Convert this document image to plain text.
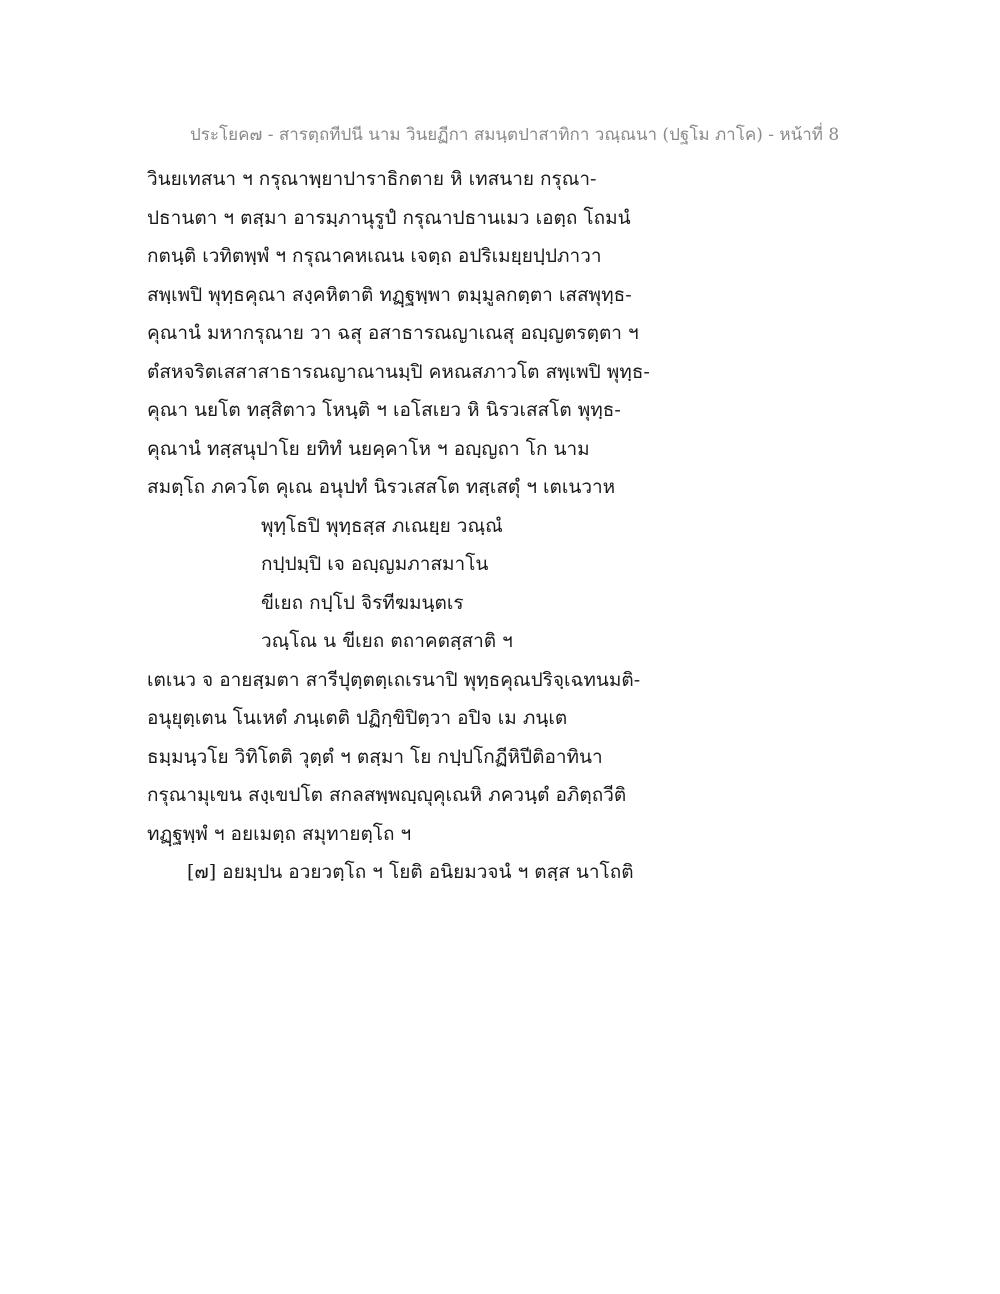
ประโยค๗ - สารตฺถทีปนี นาม วินยฏีกา สมนฺตปาสาทิกา วณฺณนา (ปฐโม ภาโค) - หน้าที่ 8
วินยเทสนา ฯ กรุณาพฺยาปาราธิกตาย หิ เทสนาย กรุณา-
ปธานตา ฯ ตสฺมา อารมฺภานุรูปํ กรุณาปธานเมว เอตฺถ โถมนํ
กตนฺติ เวทิตพฺพํ ฯ กรุณาคหเณน เจตฺถ อปริเมยฺยปฺปภาวา
สพฺเพปิ พุทฺธคุณา สงฺคหิตาติ ทฏฺฐพฺพา ตมฺมูลกตฺตา เสสพุทฺธ-
คุณานํ มหากรุณาย วา ฉสุ อสาธารณญาเณสุ อญฺญตรตฺตา ฯ
ตํสหจริตเสสาสาธารณญาณานมฺปิ คหณสภาวโต สพฺเพปิ พุทฺธ-
คุณา นยโต ทสฺสิตาว โหนฺติ ฯ เอโสเยว หิ นิรวเสสโต พุทฺธ-
คุณานํ ทสฺสนุปาโย ยทิทํ นยคฺคาโห ฯ อญฺญถา โก นาม
สมตฺโถ ภควโต คุเณ อนุปทํ นิรวเสสโต ทสฺเสตุํ ฯ เตเนวาห
พุทฺโธปิ พุทฺธสฺส ภเณยฺย วณฺณํ
กปฺปมฺปิ เจ อญฺญมภาสมาโน
ขีเยถ กปฺโป จิรทีฆมนฺตเร
วณฺโณ น ขีเยถ ตถาคตสฺสาติ ฯ
เตเนว จ อายสฺมตา สารีปุตฺตตฺเถเรนาปิ พุทฺธคุณปริจฺเฉทนมติ-
อนุยุตฺเตน โนเหตํ ภนฺเตติ ปฏิกฺขิปิตฺวา อปิจ เม ภนฺเต
ธมฺมนฺวโย วิทิโตติ วุตฺตํ ฯ ตสฺมา โย กปฺปโกฏีหิปีติอาทินา
กรุณามุเขน สงฺเขปโต สกลสพฺพญฺญุคุเณหิ ภควนฺตํ อภิตฺถวีติ
ทฏฺฐพฺพํ ฯ อยเมตฺถ สมุทายตฺโถ ฯ
[๗] อยมฺปน อวยวตฺโถ ฯ โยติ อนิยมวจนํ ฯ ตสฺส นาโถติ
